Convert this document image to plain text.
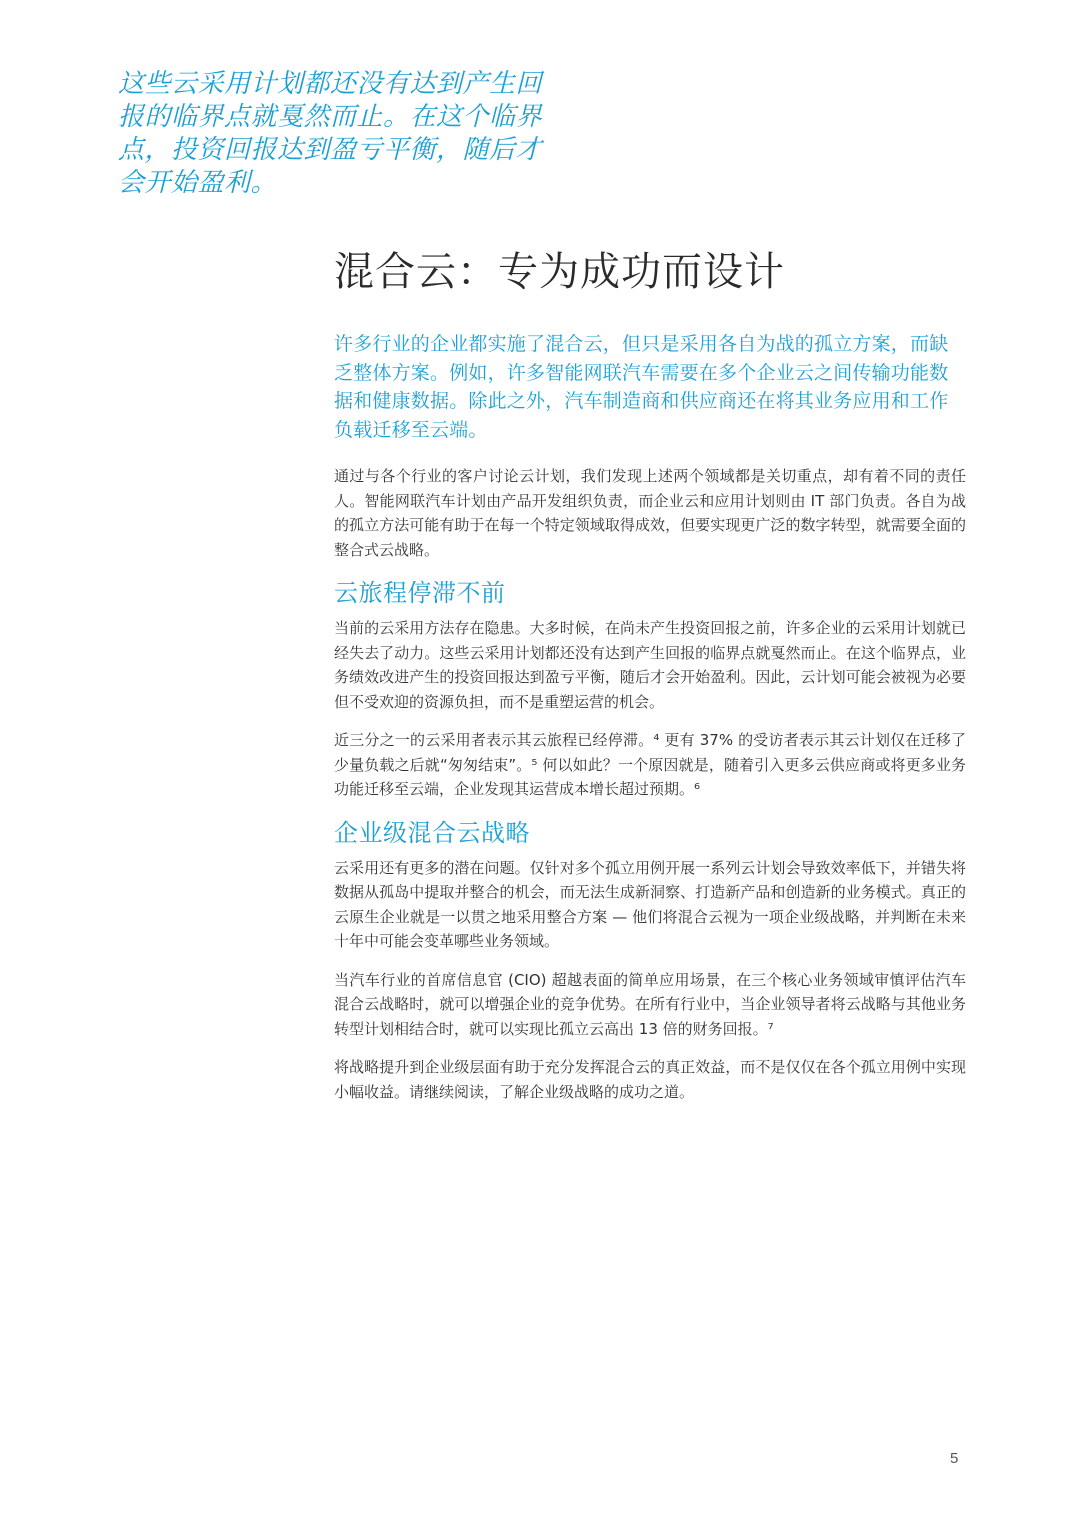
这些云采用计划都还没有达到产生回报的临界点就戛然而止。在这个临界点，投资回报达到盈亏平衡，随后才会开始盈利。

混合云：专为成功而设计

许多行业的企业都实施了混合云，但只是采用各自为战的孤立方案，而缺乏整体方案。例如，许多智能网联汽车需要在多个企业云之间传输功能数据和健康数据。除此之外，汽车制造商和供应商还在将其业务应用和工作负载迁移至云端。

通过与各个行业的客户讨论云计划，我们发现上述两个领域都是关切重点，却有着不同的责任人。智能网联汽车计划由产品开发组织负责，而企业云和应用计划则由 IT 部门负责。各自为战的孤立方法可能有助于在每一个特定领域取得成效，但要实现更广泛的数字转型，就需要全面的整合式云战略。

云旅程停滞不前

当前的云采用方法存在隐患。大多时候，在尚未产生投资回报之前，许多企业的云采用计划就已经失去了动力。这些云采用计划都还没有达到产生回报的临界点就戛然而止。在这个临界点，业务绩效改进产生的投资回报达到盈亏平衡，随后才会开始盈利。因此，云计划可能会被视为必要但不受欢迎的资源负担，而不是重塑运营的机会。

近三分之一的云采用者表示其云旅程已经停滞。⁴ 更有 37% 的受访者表示其云计划仅在迁移了少量负载之后就“匆匆结束”。⁵ 何以如此？一个原因就是，随着引入更多云供应商或将更多业务功能迁移至云端，企业发现其运营成本增长超过预期。⁶

企业级混合云战略

云采用还有更多的潜在问题。仅针对多个孤立用例开展一系列云计划会导致效率低下，并错失将数据从孤岛中提取并整合的机会，而无法生成新洞察、打造新产品和创造新的业务模式。真正的云原生企业就是一以贯之地采用整合方案 — 他们将混合云视为一项企业级战略，并判断在未来十年中可能会变革哪些业务领域。

当汽车行业的首席信息官 (CIO) 超越表面的简单应用场景，在三个核心业务领域审慎评估汽车混合云战略时，就可以增强企业的竞争优势。在所有行业中，当企业领导者将云战略与其他业务转型计划相结合时，就可以实现比孤立云高出 13 倍的财务回报。⁷

将战略提升到企业级层面有助于充分发挥混合云的真正效益，而不是仅仅在各个孤立用例中实现小幅收益。请继续阅读，了解企业级战略的成功之道。

5
